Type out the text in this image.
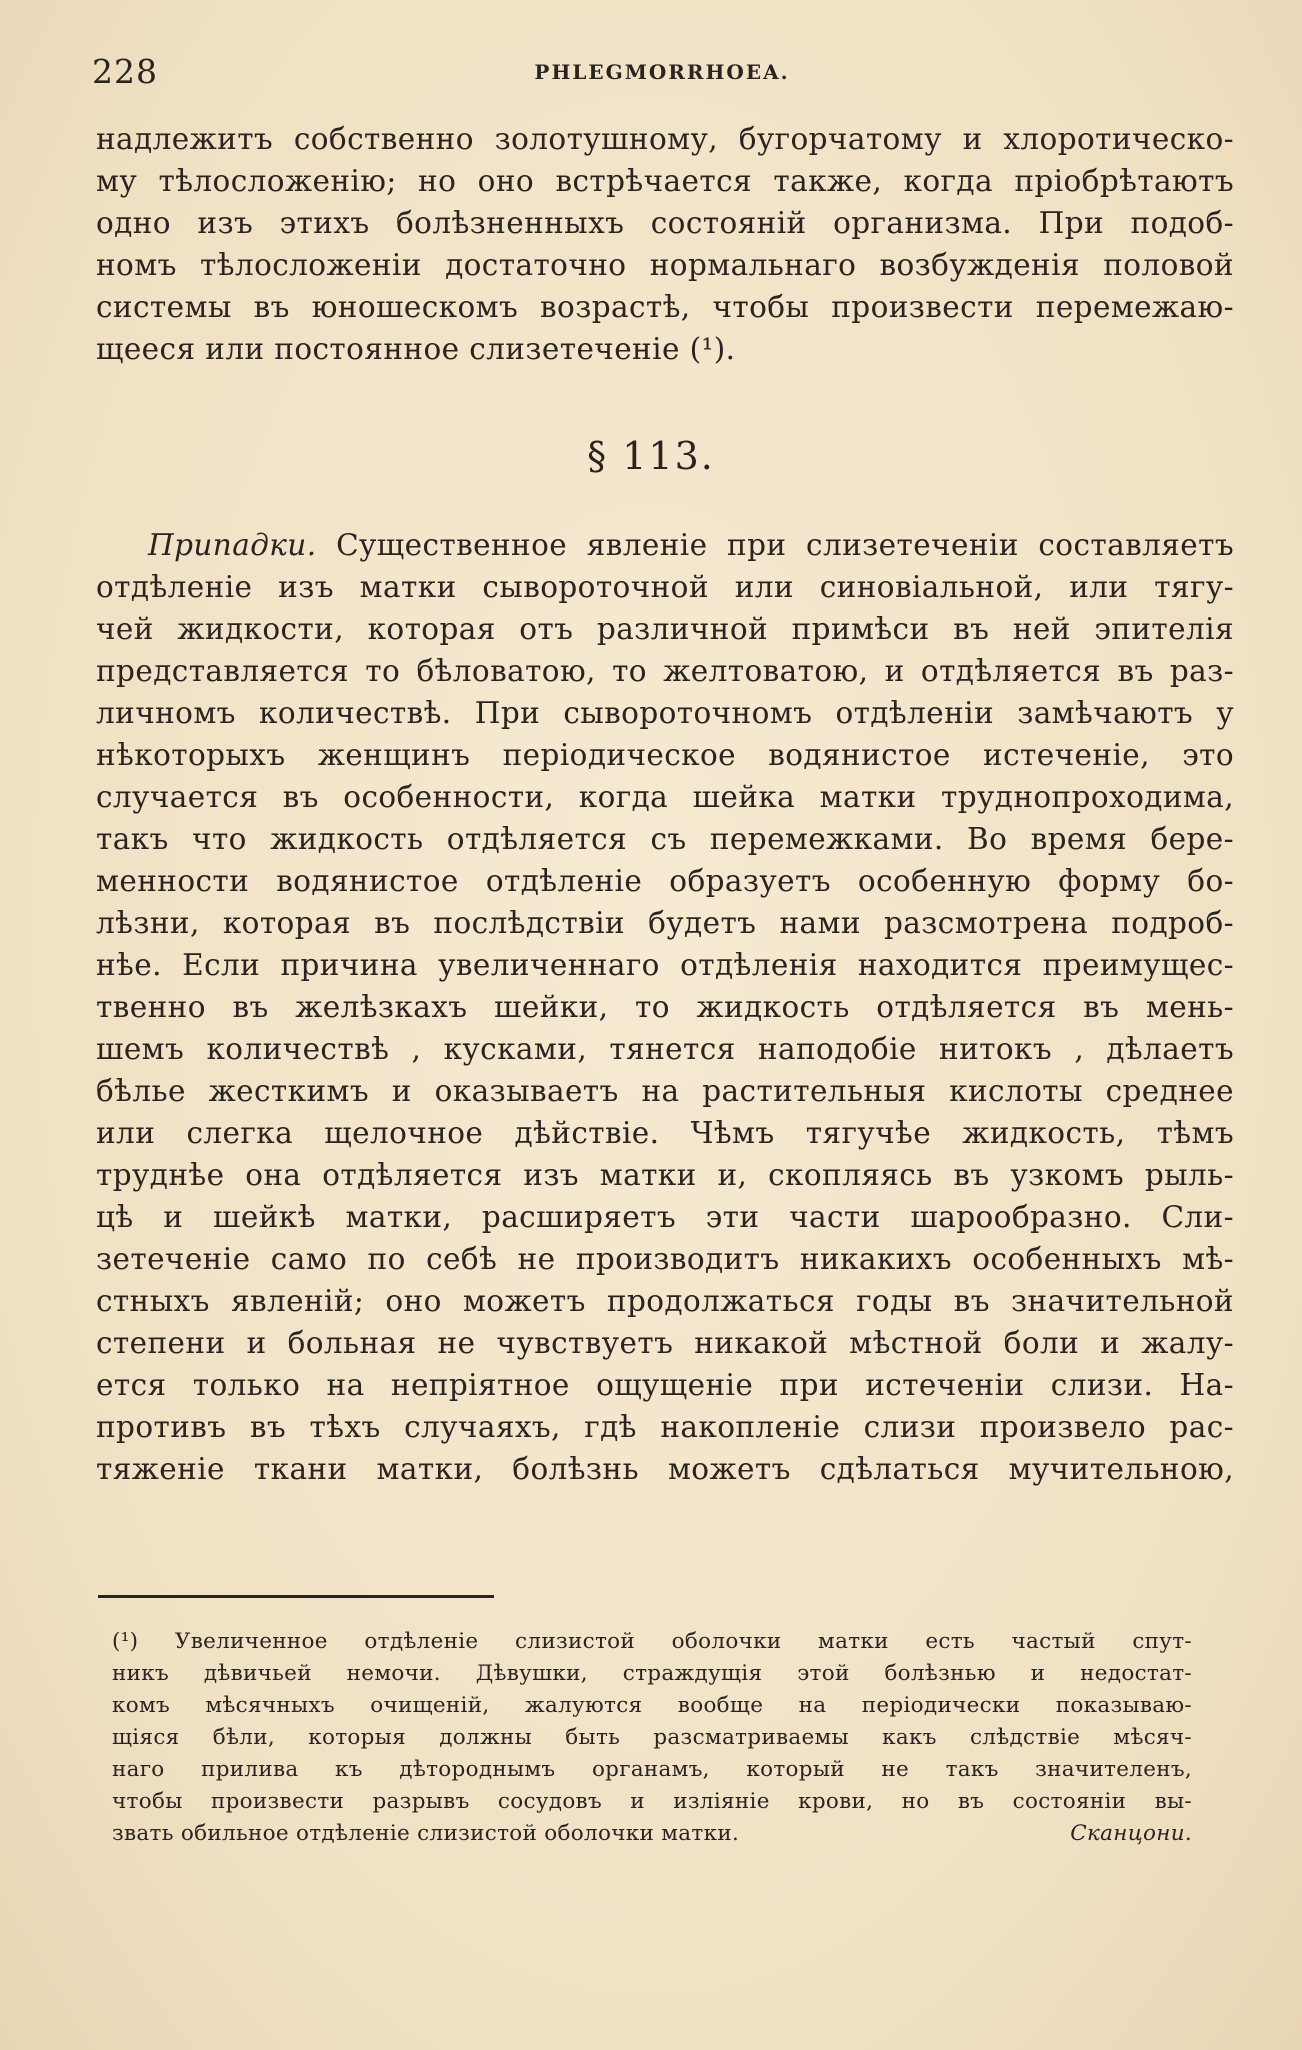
228	PHLEGMORRHOEA.
надлежитъ собственно золотушному, бугорчатому и хлоротическо-
му тѣлосложенію; но оно встрѣчается также, когда пріобрѣтаютъ
одно изъ этихъ болѣзненныхъ состояній организма. При подоб-
номъ тѣлосложеніи достаточно нормальнаго возбужденія половой
системы въ юношескомъ возрастѣ, чтобы произвести перемежаю-
щееся или постоянное слизетеченіе (¹).
§ 113.
Припадки. Существенное явленіе при слизетеченіи составляетъ
отдѣленіе изъ матки сывороточной или синовіальной, или тягу-
чей жидкости, которая отъ различной примѣси въ ней эпителія
представляется то бѣловатою, то желтоватою, и отдѣляется въ раз-
личномъ количествѣ. При сывороточномъ отдѣленіи замѣчаютъ у
нѣкоторыхъ женщинъ періодическое водянистое истеченіе, это
случается въ особенности, когда шейка матки труднопроходима,
такъ что жидкость отдѣляется съ перемежками. Во время бере-
менности водянистое отдѣленіе образуетъ особенную форму бо-
лѣзни, которая въ послѣдствіи будетъ нами разсмотрена подроб-
нѣе. Если причина увеличеннаго отдѣленія находится преимущес-
твенно въ желѣзкахъ шейки, то жидкость отдѣляется въ мень-
шемъ количествѣ , кусками, тянется наподобіе нитокъ , дѣлаетъ
бѣлье жесткимъ и оказываетъ на растительныя кислоты среднее
или слегка щелочное дѣйствіе. Чѣмъ тягучѣе жидкость, тѣмъ
труднѣе она отдѣляется изъ матки и, скопляясь въ узкомъ рыль-
цѣ и шейкѣ матки, расширяетъ эти части шарообразно. Сли-
зетеченіе само по себѣ не производитъ никакихъ особенныхъ мѣ-
стныхъ явленій; оно можетъ продолжаться годы въ значительной
степени и больная не чувствуетъ никакой мѣстной боли и жалу-
ется только на непріятное ощущеніе при истеченіи слизи. На-
противъ въ тѣхъ случаяхъ, гдѣ накопленіе слизи произвело рас-
тяженіе ткани матки, болѣзнь можетъ сдѣлаться мучительною,
(¹) Увеличенное отдѣленіе слизистой оболочки матки есть частый спут-
никъ дѣвичьей немочи. Дѣвушки, страждущія этой болѣзнью и недостат-
комъ мѣсячныхъ очищеній, жалуются вообще на періодически показываю-
щіяся бѣли, которыя должны быть разсматриваемы какъ слѣдствіе мѣсяч-
наго прилива къ дѣтороднымъ органамъ, который не такъ значителенъ,
чтобы произвести разрывъ сосудовъ и изліяніе крови, но въ состояніи вы-
звать обильное отдѣленіе слизистой оболочки матки.	Сканцони.
